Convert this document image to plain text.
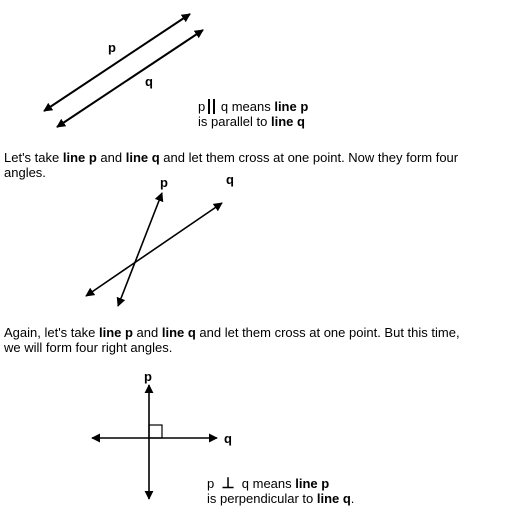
p
q
p	q
p
q
p q means line p
is parallel to line q
Let's take line p and line q and let them cross at one point. Now they form four
angles.
Again, let's take line p and line q and let them cross at one point. But this time,
we will form four right angles.
p ⊥  q means line p
is perpendicular to line q.
